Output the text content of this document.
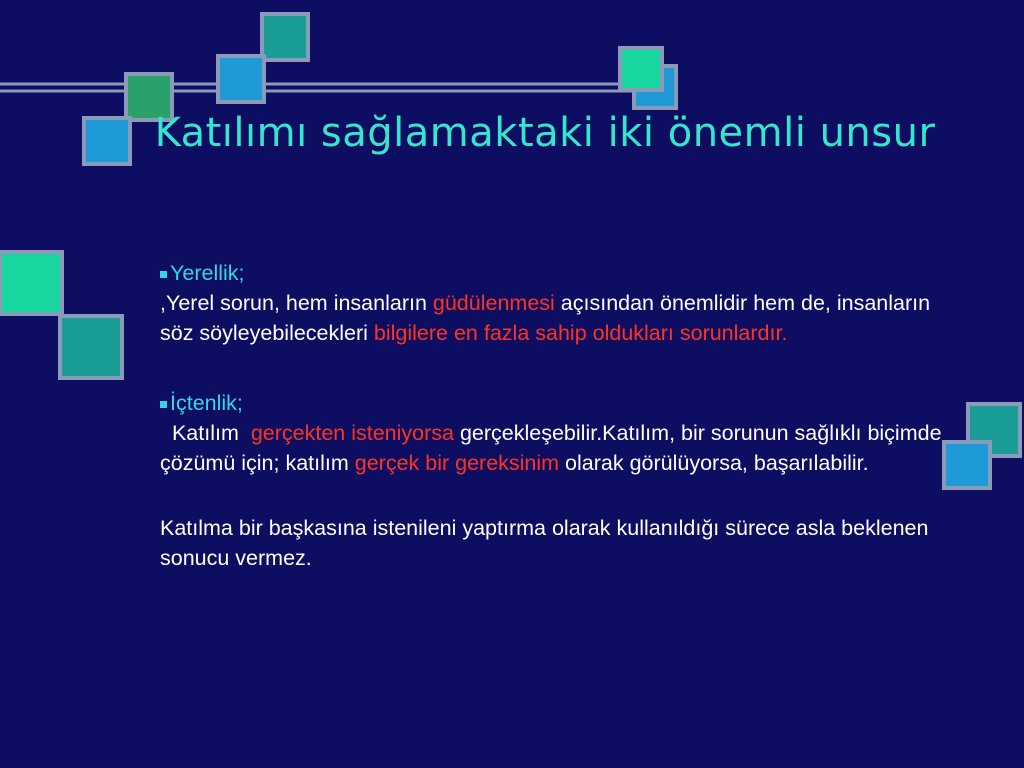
Katılımı sağlamaktaki iki önemli unsur
Yerellik;

,Yerel sorun, hem insanların güdülenmesi açısından önemlidir hem de, insanların söz söyleyebilecekleri bilgilere en fazla sahip oldukları sorunlardır.

İçtenlik;

Katılım  gerçekten isteniyorsa gerçekleşebilir.Katılım, bir sorunun sağlıklı biçimde çözümü için; katılım gerçek bir gereksinim olarak görülüyorsa, başarılabilir.

Katılma bir başkasına istenileni yaptırma olarak kullanıldığı sürece asla beklenen sonucu vermez.
